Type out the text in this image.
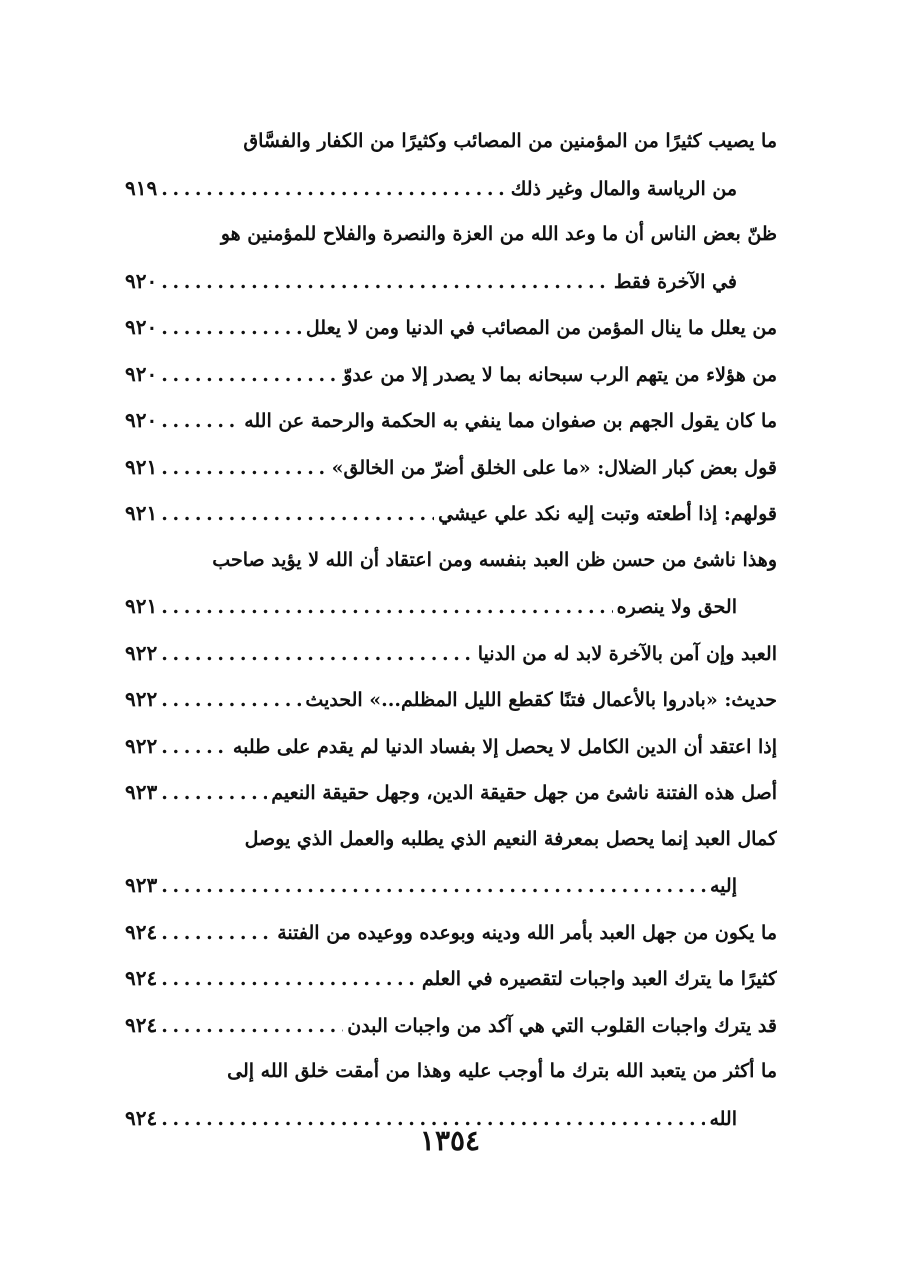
ما يصيب كثيرًا من المؤمنين من المصائب وكثيرًا من الكفار والفسَّاق
من الرياسة والمال وغير ذلك
. . .
٩١٩
ظنّ بعض الناس أن ما وعد الله من العزة والنصرة والفلاح للمؤمنين هو
في الآخرة فقط
. . .
٩٢٠
من يعلل ما ينال المؤمن من المصائب في الدنيا ومن لا يعلل
. . .
٩٢٠
من هؤلاء من يتهم الرب سبحانه بما لا يصدر إلا من عدوّ
. . .
٩٢٠
ما كان يقول الجهم بن صفوان مما ينفي به الحكمة والرحمة عن الله
. . .
٩٢٠
قول بعض كبار الضلال: «ما على الخلق أضرّ من الخالق»
. . .
٩٢١
قولهم: إذا أطعته وتبت إليه نكد علي عيشي
. . .
٩٢١
وهذا ناشئ من حسن ظن العبد بنفسه ومن اعتقاد أن الله لا يؤيد صاحب
الحق ولا ينصره
. . .
٩٢١
العبد وإن آمن بالآخرة لابد له من الدنيا
. . .
٩٢٢
حديث: «بادروا بالأعمال فتنًا كقطع الليل المظلم...» الحديث
. . .
٩٢٢
إذا اعتقد أن الدين الكامل لا يحصل إلا بفساد الدنيا لم يقدم على طلبه
. . .
٩٢٢
أصل هذه الفتنة ناشئ من جهل حقيقة الدين، وجهل حقيقة النعيم
. . .
٩٢٣
كمال العبد إنما يحصل بمعرفة النعيم الذي يطلبه والعمل الذي يوصل
إليه
. . .
٩٢٣
ما يكون من جهل العبد بأمر الله ودينه وبوعده ووعيده من الفتنة
. . .
٩٢٤
كثيرًا ما يترك العبد واجبات لتقصيره في العلم
. . .
٩٢٤
قد يترك واجبات القلوب التي هي آكد من واجبات البدن
. . .
٩٢٤
ما أكثر من يتعبد الله بترك ما أوجب عليه وهذا من أمقت خلق الله إلى
الله
. . .
٩٢٤
١٣٥٤
